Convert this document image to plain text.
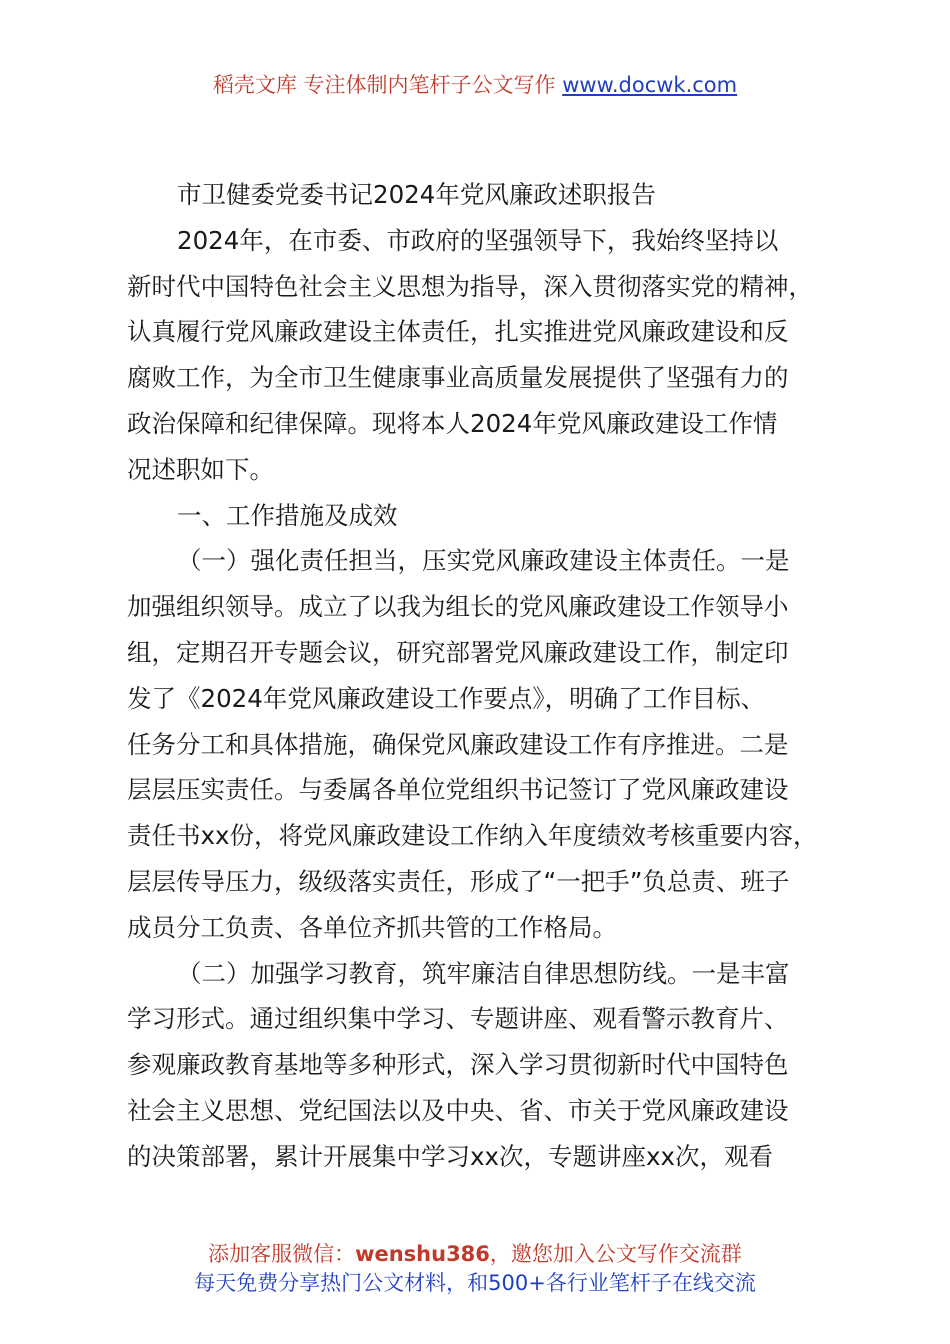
稻壳文库 专注体制内笔杆子公文写作 www.docwk.com
市卫健委党委书记2024年党风廉政述职报告
2024年，在市委、市政府的坚强领导下，我始终坚持以
新时代中国特色社会主义思想为指导，深入贯彻落实党的精神，
认真履行党风廉政建设主体责任，扎实推进党风廉政建设和反
腐败工作，为全市卫生健康事业高质量发展提供了坚强有力的
政治保障和纪律保障。现将本人2024年党风廉政建设工作情
况述职如下。
一、工作措施及成效
（一）强化责任担当，压实党风廉政建设主体责任。一是
加强组织领导。成立了以我为组长的党风廉政建设工作领导小
组，定期召开专题会议，研究部署党风廉政建设工作，制定印
发了《2024年党风廉政建设工作要点》，明确了工作目标、
任务分工和具体措施，确保党风廉政建设工作有序推进。二是
层层压实责任。与委属各单位党组织书记签订了党风廉政建设
责任书xx份，将党风廉政建设工作纳入年度绩效考核重要内容，
层层传导压力，级级落实责任，形成了“一把手”负总责、班子
成员分工负责、各单位齐抓共管的工作格局。
（二）加强学习教育，筑牢廉洁自律思想防线。一是丰富
学习形式。通过组织集中学习、专题讲座、观看警示教育片、
参观廉政教育基地等多种形式，深入学习贯彻新时代中国特色
社会主义思想、党纪国法以及中央、省、市关于党风廉政建设
的决策部署，累计开展集中学习xx次，专题讲座xx次，观看
添加客服微信：wenshu386，邀您加入公文写作交流群
每天免费分享热门公文材料，和500+各行业笔杆子在线交流
